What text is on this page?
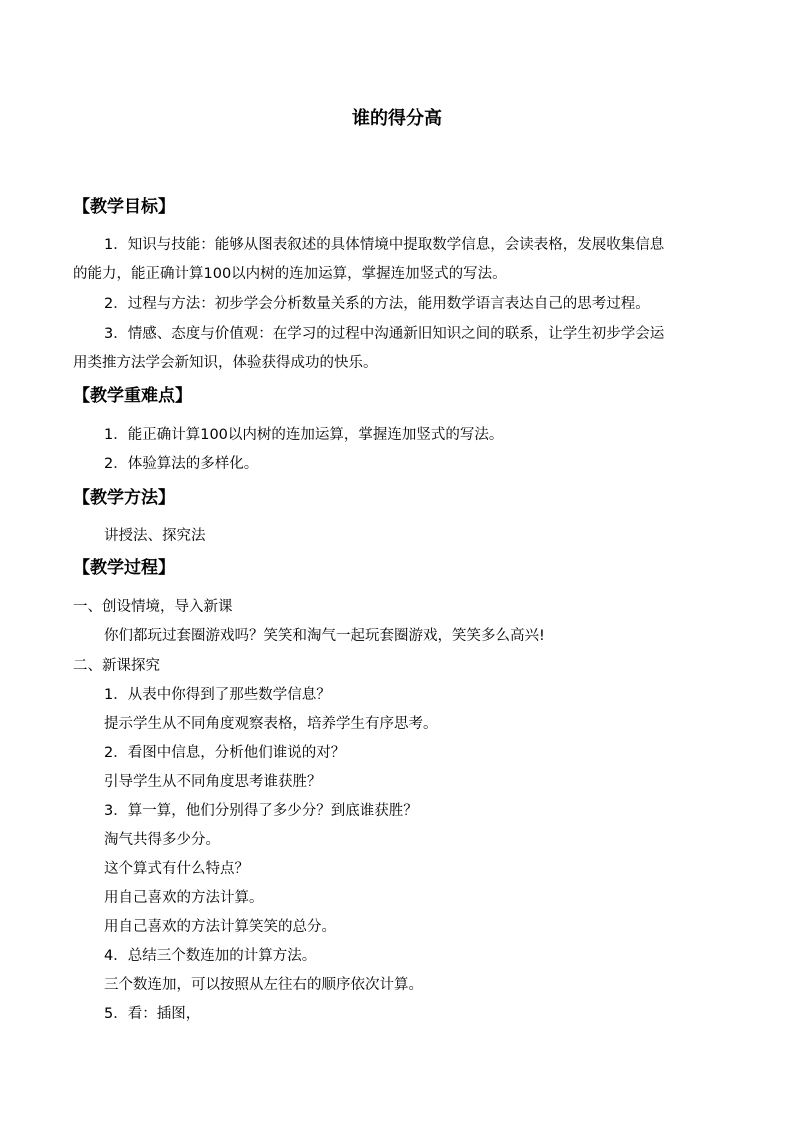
谁的得分高
【教学目标】
1．知识与技能：能够从图表叙述的具体情境中提取数学信息，会读表格，发展收集信息
的能力，能正确计算100以内树的连加运算，掌握连加竖式的写法。
2．过程与方法：初步学会分析数量关系的方法，能用数学语言表达自己的思考过程。
3．情感、态度与价值观：在学习的过程中沟通新旧知识之间的联系，让学生初步学会运
用类推方法学会新知识，体验获得成功的快乐。
【教学重难点】
1．能正确计算100以内树的连加运算，掌握连加竖式的写法。
2．体验算法的多样化。
【教学方法】
讲授法、探究法
【教学过程】
一、创设情境，导入新课
你们都玩过套圈游戏吗？笑笑和淘气一起玩套圈游戏，笑笑多么高兴!
二、新课探究
1．从表中你得到了那些数学信息？
提示学生从不同角度观察表格，培养学生有序思考。
2．看图中信息，分析他们谁说的对？
引导学生从不同角度思考谁获胜？
3．算一算，他们分别得了多少分？到底谁获胜？
淘气共得多少分。
这个算式有什么特点？
用自己喜欢的方法计算。
用自己喜欢的方法计算笑笑的总分。
4．总结三个数连加的计算方法。
三个数连加，可以按照从左往右的顺序依次计算。
5．看：插图，
